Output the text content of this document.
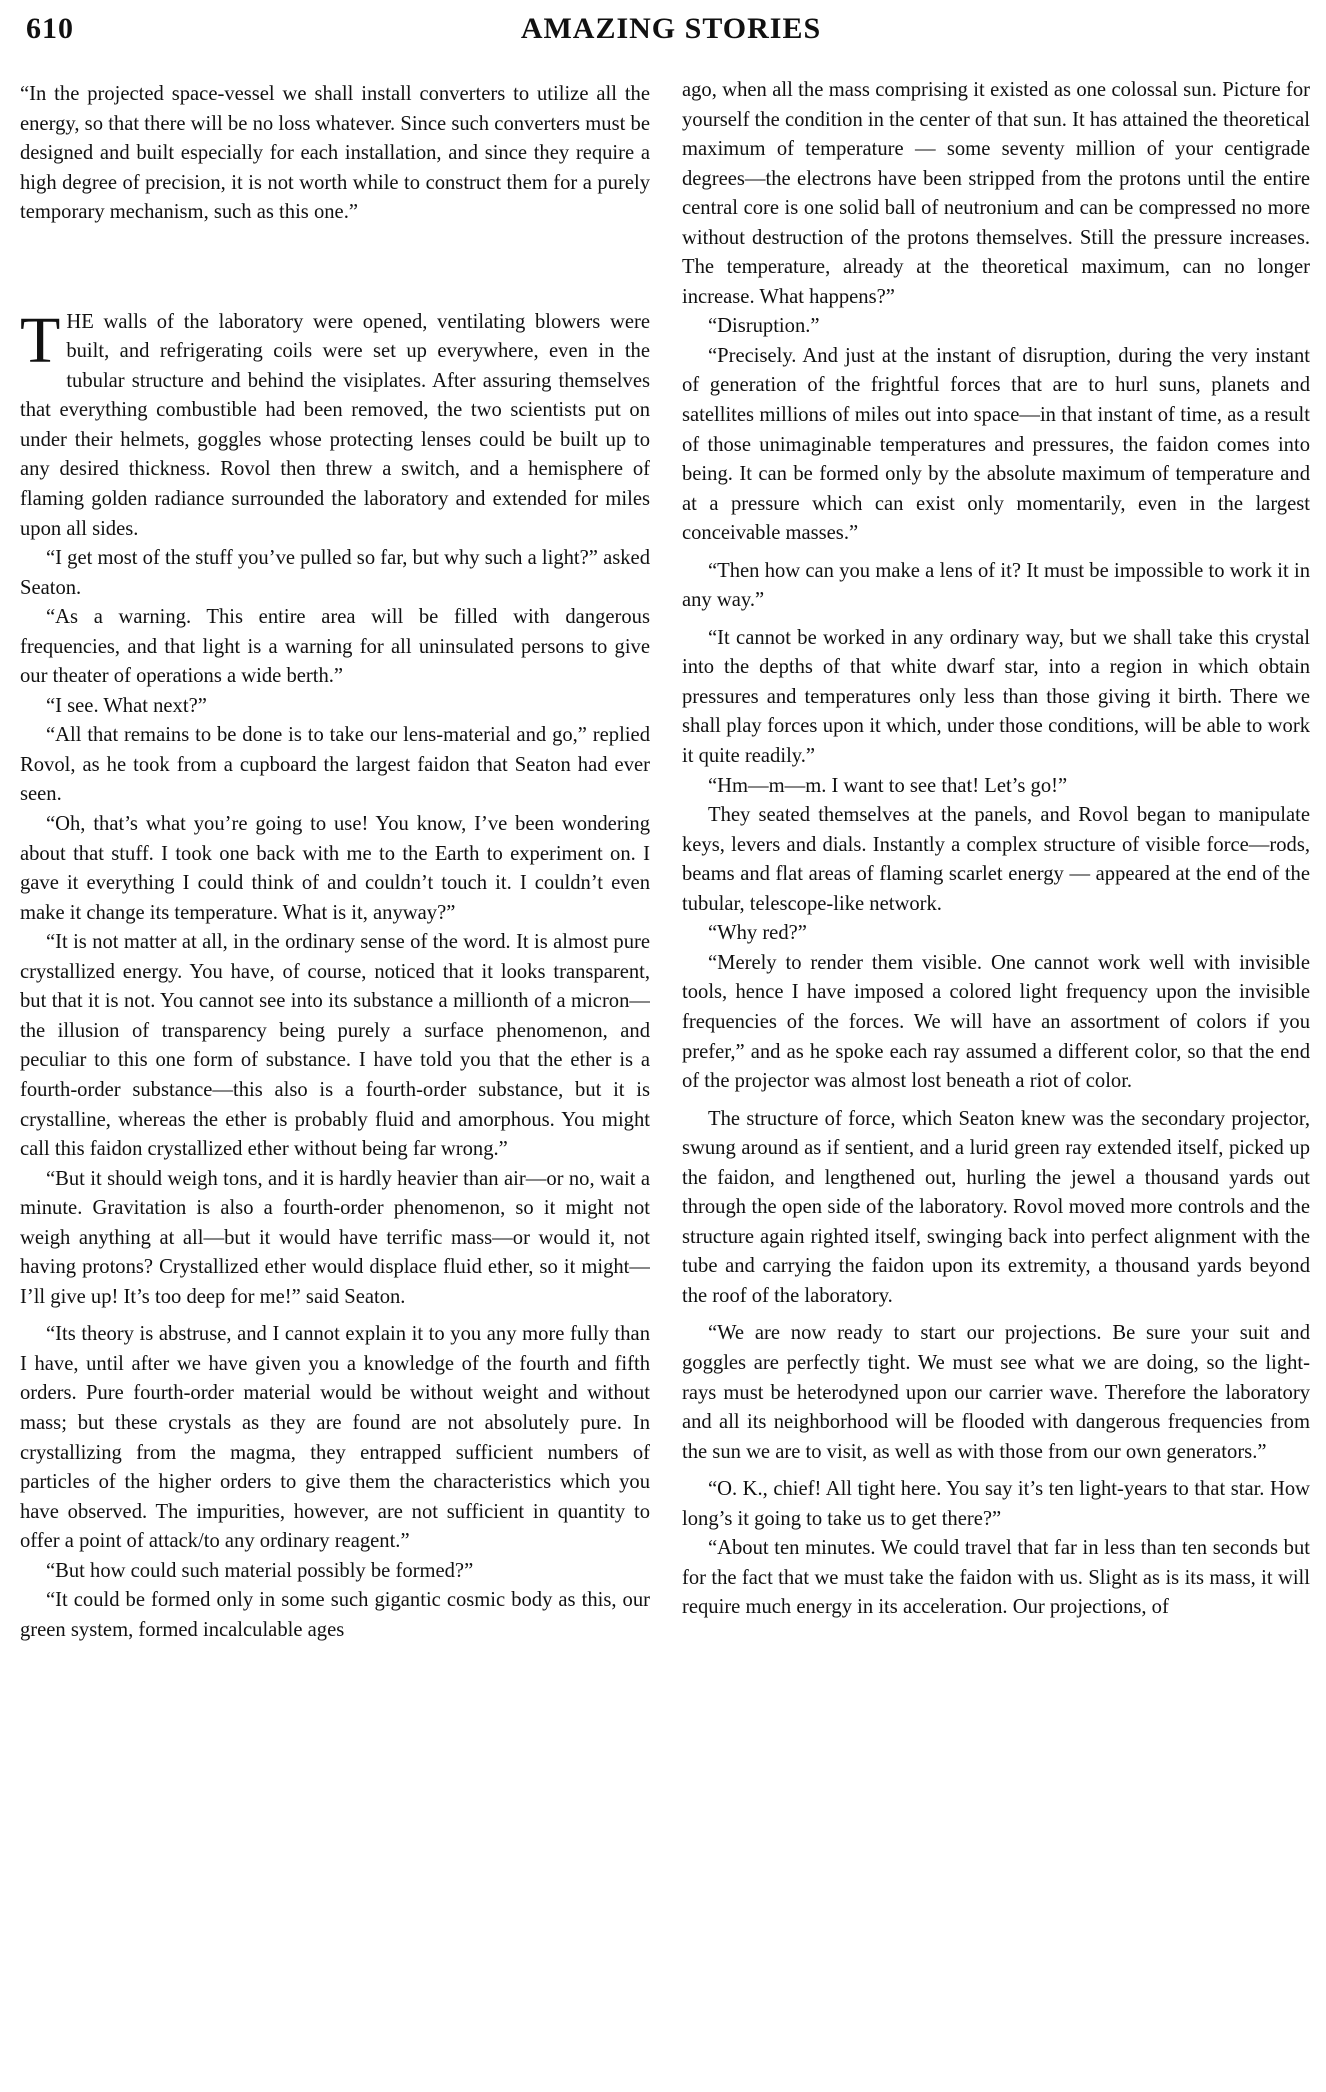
610	AMAZING STORIES

“In the projected space-vessel we shall install converters to utilize all the energy, so that there will be no loss whatever. Since such converters must be designed and built especially for each installation, and since they require a high degree of precision, it is not worth while to construct them for a purely temporary mechanism, such as this one.”

THE walls of the laboratory were opened, ventilating blowers were built, and refrigerating coils were set up everywhere, even in the tubular structure and behind the visiplates. After assuring themselves that everything combustible had been removed, the two scientists put on under their helmets, goggles whose protecting lenses could be built up to any desired thickness. Rovol then threw a switch, and a hemisphere of flaming golden radiance surrounded the laboratory and extended for miles upon all sides.

“I get most of the stuff you’ve pulled so far, but why such a light?” asked Seaton.

“As a warning. This entire area will be filled with dangerous frequencies, and that light is a warning for all uninsulated persons to give our theater of operations a wide berth.”

“I see. What next?”

“All that remains to be done is to take our lens-material and go,” replied Rovol, as he took from a cupboard the largest faidon that Seaton had ever seen.

“Oh, that’s what you’re going to use! You know, I’ve been wondering about that stuff. I took one back with me to the Earth to experiment on. I gave it everything I could think of and couldn’t touch it. I couldn’t even make it change its temperature. What is it, anyway?”

“It is not matter at all, in the ordinary sense of the word. It is almost pure crystallized energy. You have, of course, noticed that it looks transparent, but that it is not. You cannot see into its substance a millionth of a micron—the illusion of transparency being purely a surface phenomenon, and peculiar to this one form of substance. I have told you that the ether is a fourth-order substance—this also is a fourth-order substance, but it is crystalline, whereas the ether is probably fluid and amorphous. You might call this faidon crystallized ether without being far wrong.”

“But it should weigh tons, and it is hardly heavier than air—or no, wait a minute. Gravitation is also a fourth-order phenomenon, so it might not weigh anything at all—but it would have terrific mass—or would it, not having protons? Crystallized ether would displace fluid ether, so it might—I’ll give up! It’s too deep for me!” said Seaton.

“Its theory is abstruse, and I cannot explain it to you any more fully than I have, until after we have given you a knowledge of the fourth and fifth orders. Pure fourth-order material would be without weight and without mass; but these crystals as they are found are not absolutely pure. In crystallizing from the magma, they entrapped sufficient numbers of particles of the higher orders to give them the characteristics which you have observed. The impurities, however, are not sufficient in quantity to offer a point of attack/to any ordinary reagent.”

“But how could such material possibly be formed?”

“It could be formed only in some such gigantic cosmic body as this, our green system, formed incalculable ages

ago, when all the mass comprising it existed as one colossal sun. Picture for yourself the condition in the center of that sun. It has attained the theoretical maximum of temperature — some seventy million of your centigrade degrees—the electrons have been stripped from the protons until the entire central core is one solid ball of neutronium and can be compressed no more without destruction of the protons themselves. Still the pressure increases. The temperature, already at the theoretical maximum, can no longer increase. What happens?”

“Disruption.”

“Precisely. And just at the instant of disruption, during the very instant of generation of the frightful forces that are to hurl suns, planets and satellites millions of miles out into space—in that instant of time, as a result of those unimaginable temperatures and pressures, the faidon comes into being. It can be formed only by the absolute maximum of temperature and at a pressure which can exist only momentarily, even in the largest conceivable masses.”

“Then how can you make a lens of it? It must be impossible to work it in any way.”

“It cannot be worked in any ordinary way, but we shall take this crystal into the depths of that white dwarf star, into a region in which obtain pressures and temperatures only less than those giving it birth. There we shall play forces upon it which, under those conditions, will be able to work it quite readily.”

“Hm—m—m. I want to see that! Let’s go!”

They seated themselves at the panels, and Rovol began to manipulate keys, levers and dials. Instantly a complex structure of visible force—rods, beams and flat areas of flaming scarlet energy — appeared at the end of the tubular, telescope-like network.

“Why red?”

“Merely to render them visible. One cannot work well with invisible tools, hence I have imposed a colored light frequency upon the invisible frequencies of the forces. We will have an assortment of colors if you prefer,” and as he spoke each ray assumed a different color, so that the end of the projector was almost lost beneath a riot of color.

The structure of force, which Seaton knew was the secondary projector, swung around as if sentient, and a lurid green ray extended itself, picked up the faidon, and lengthened out, hurling the jewel a thousand yards out through the open side of the laboratory. Rovol moved more controls and the structure again righted itself, swinging back into perfect alignment with the tube and carrying the faidon upon its extremity, a thousand yards beyond the roof of the laboratory.

“We are now ready to start our projections. Be sure your suit and goggles are perfectly tight. We must see what we are doing, so the light-rays must be heterodyned upon our carrier wave. Therefore the laboratory and all its neighborhood will be flooded with dangerous frequencies from the sun we are to visit, as well as with those from our own generators.”

“O. K., chief! All tight here. You say it’s ten light-years to that star. How long’s it going to take us to get there?”

“About ten minutes. We could travel that far in less than ten seconds but for the fact that we must take the faidon with us. Slight as is its mass, it will require much energy in its acceleration. Our projections, of
